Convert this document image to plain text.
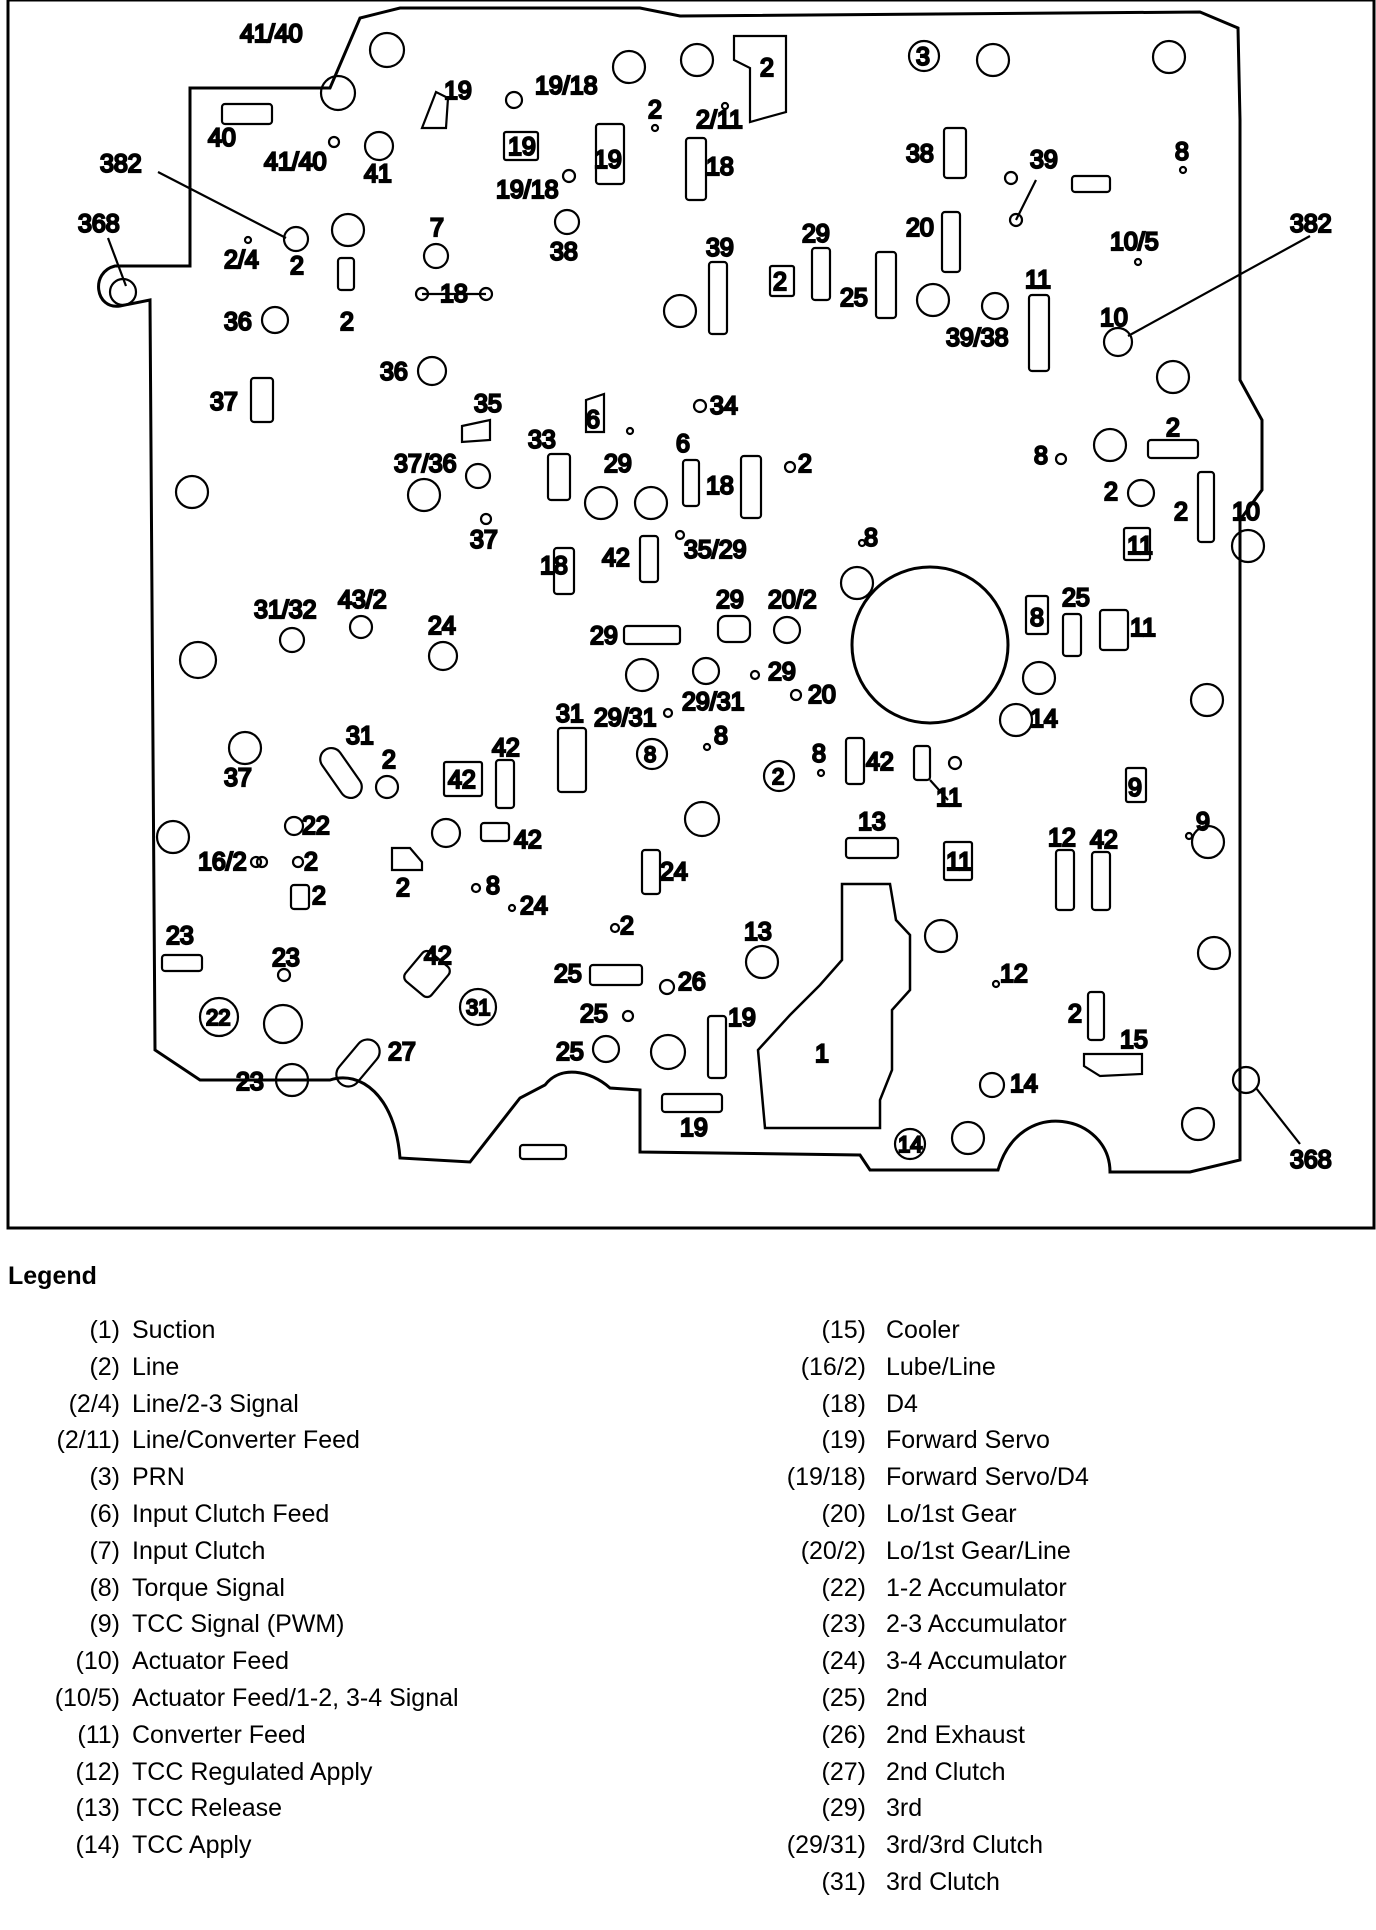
41/40
19	19/18
2 2/11
2	3
40
41/40 41
19 19	18	38	39	8
382
19/18
368	7
38
20
29
39	10/5
382
2/4 2
18	2
25
11
36	2
39/38
10
36
37	35
6	34
33
29
6
18
2	8
2
37/36
2
2 10
37
18 42 35/29	8	11
31/32 43/2
24	29
29 20/2
8
25
11
29
20
31 29/31
29/31
14
31
2	42	8
8
8
2
42
11	9
37	42
22
16/2 2
2
42
13
12 42
9
2	8
24
24	11
2
23
23	42
13
25	26	12
22	31	25	19	2
15
27	25	1
23	14
19
14
368
Legend
(1) Suction
(2) Line
(2/4) Line/2-3 Signal
(2/11) Line/Converter Feed
(3) PRN
(6) Input Clutch Feed
(7) Input Clutch
(8) Torque Signal
(9) TCC Signal (PWM)
(10) Actuator Feed
(10/5) Actuator Feed/1-2, 3-4 Signal
(11) Converter Feed
(12) TCC Regulated Apply
(13) TCC Release
(14) TCC Apply
(15) Cooler
(16/2) Lube/Line
(18) D4
(19) Forward Servo
(19/18) Forward Servo/D4
(20) Lo/1st Gear
(20/2) Lo/1st Gear/Line
(22) 1-2 Accumulator
(23) 2-3 Accumulator
(24) 3-4 Accumulator
(25) 2nd
(26) 2nd Exhaust
(27) 2nd Clutch
(29) 3rd
(29/31) 3rd/3rd Clutch
(31) 3rd Clutch
